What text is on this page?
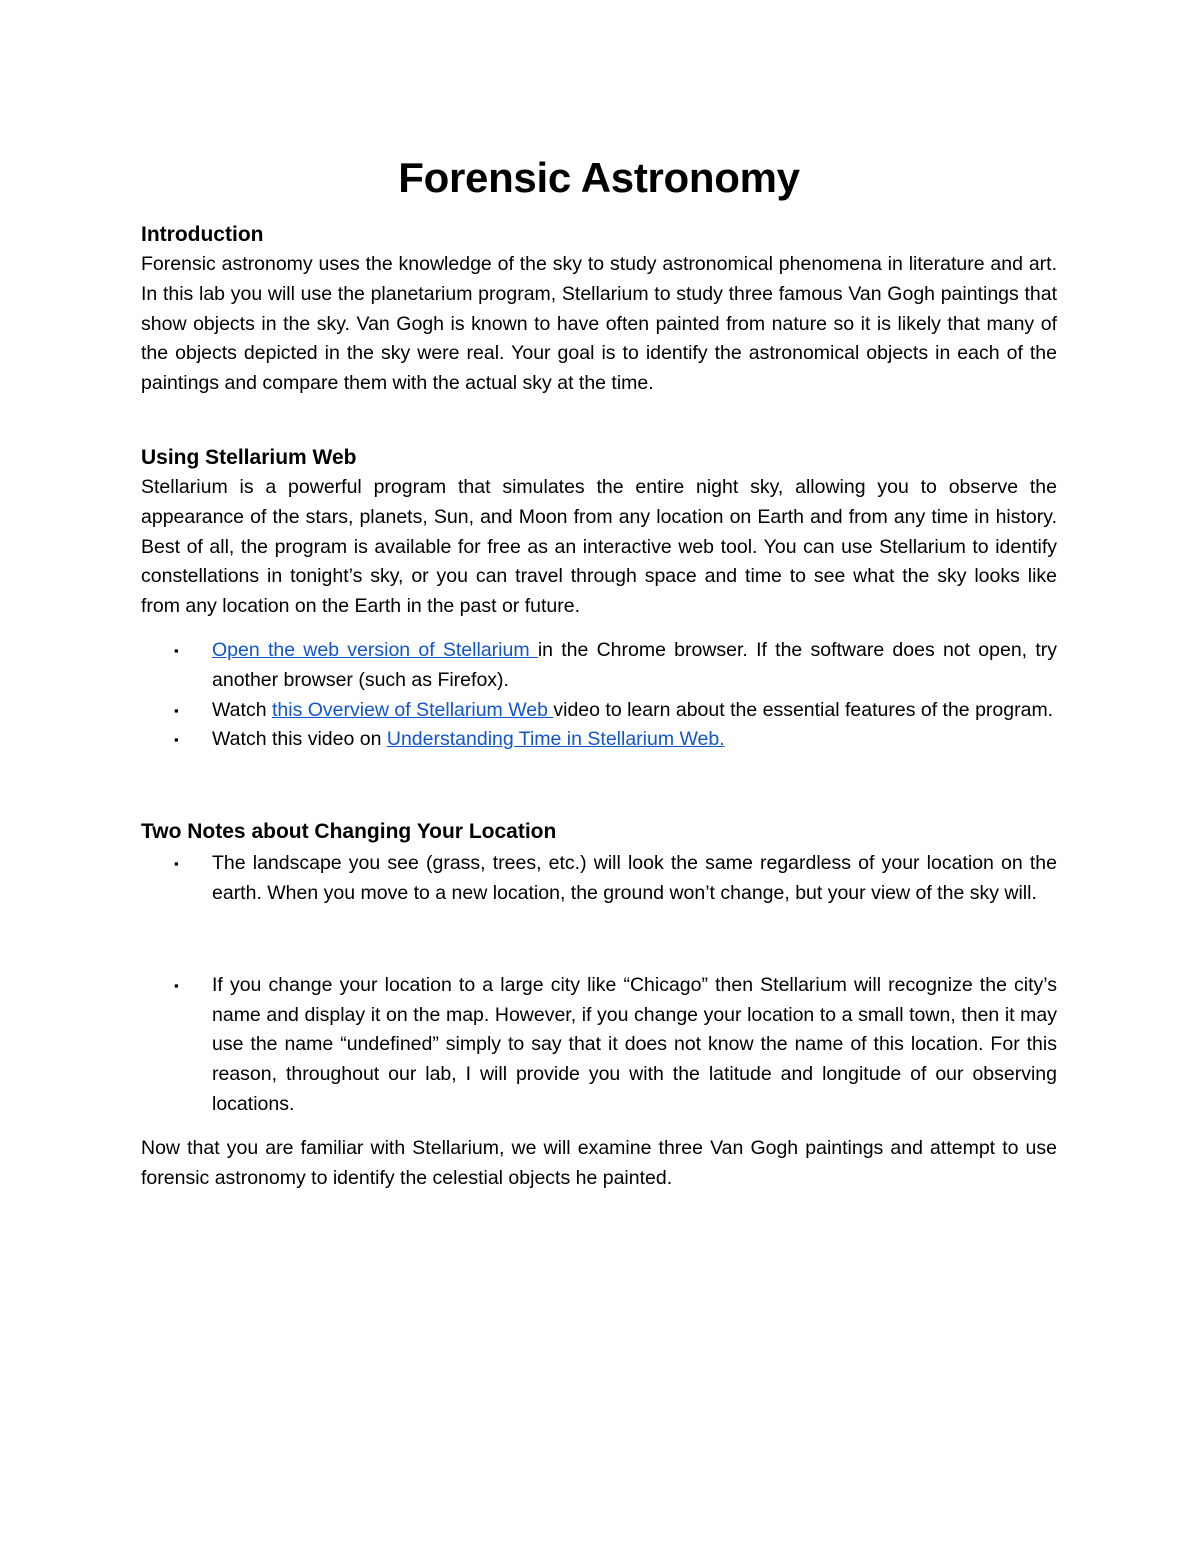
Forensic Astronomy
Introduction

Forensic astronomy uses the knowledge of the sky to study astronomical phenomena in literature and art. In this lab you will use the planetarium program, Stellarium to study three famous Van Gogh paintings that show objects in the sky. Van Gogh is known to have often painted from nature so it is likely that many of the objects depicted in the sky were real. Your goal is to identify the astronomical objects in each of the paintings and compare them with the actual sky at the time.

Using Stellarium Web

Stellarium is a powerful program that simulates the entire night sky, allowing you to observe the appearance of the stars, planets, Sun, and Moon from any location on Earth and from any time in history. Best of all, the program is available for free as an interactive web tool. You can use Stellarium to identify constellations in tonight’s sky, or you can travel through space and time to see what the sky looks like from any location on the Earth in the past or future.

▪ Open the web version of Stellarium in the Chrome browser. If the software does not open, try another browser (such as Firefox).
▪ Watch this Overview of Stellarium Web video to learn about the essential features of the program.
▪ Watch this video on Understanding Time in Stellarium Web.
Two Notes about Changing Your Location
▪ The landscape you see (grass, trees, etc.) will look the same regardless of your location on the earth. When you move to a new location, the ground won’t change, but your view of the sky will.
▪ If you change your location to a large city like “Chicago” then Stellarium will recognize the city’s name and display it on the map. However, if you change your location to a small town, then it may use the name “undefined” simply to say that it does not know the name of this location. For this reason, throughout our lab, I will provide you with the latitude and longitude of our observing locations.

Now that you are familiar with Stellarium, we will examine three Van Gogh paintings and attempt to use forensic astronomy to identify the celestial objects he painted.
